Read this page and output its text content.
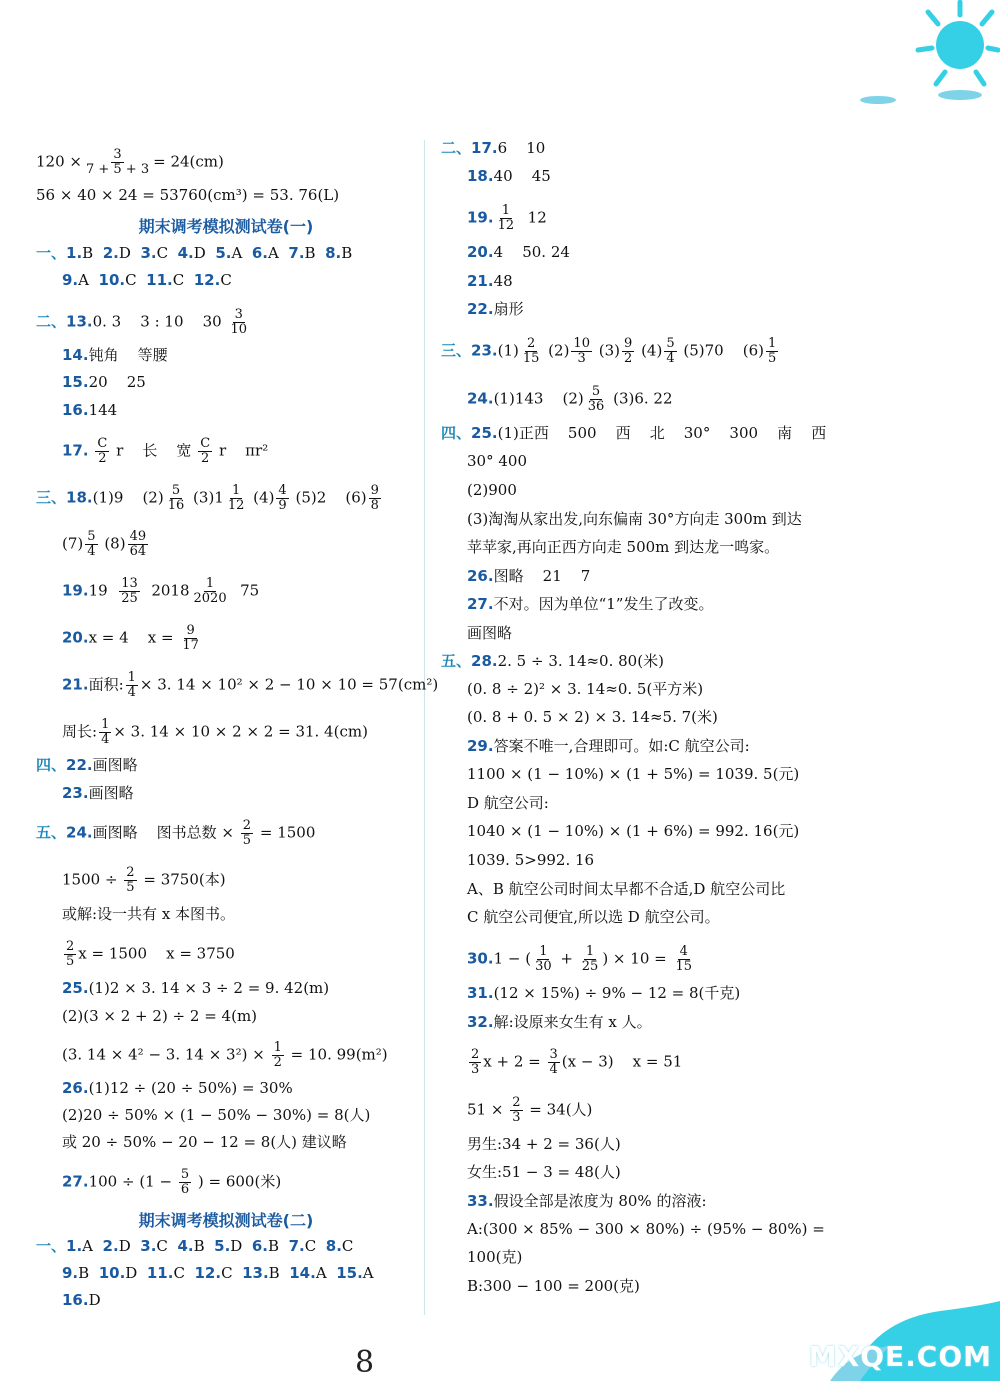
$120 \times \frac{3}{7 + 5 + 3} = 24(cm)$
56 × 40 × 24 = 53760(cm³) = 53. 76(L)
期末调考模拟测试卷(一)
一、1.B 2.D 3.C 4.D 5.A 6.A 7.B 8.B
9.A 10.C 11.C 12.C
二、13.0. 3    3 : 10    $30 \frac{3}{10}$
14.钝角    等腰
15.20    25
16.144
17. $\frac{C}{2}$ r    长    宽 $\frac{C}{2}$ r    πr²
三、18.(1)9    $(2) \frac{5}{16} (3)1 \frac{1}{12} (4) \frac{4}{9} (5)2$    $(6) \frac{9}{8}$
$(7) \frac{5}{4} (8) \frac{49}{64}$
$19.19 \frac{13}{25} 2018 \frac{1}{2020} 75$
20.x = 4    $x = \frac{9}{17}$
21.面积: $\frac{1}{4} \times 3$. 14 × 10² × 2 − 10 × 10 = 57(cm²)
周长: $\frac{1}{4} \times 3$. 14 × 10 × 2 × 2 = 31. 4(cm)
四、22.画图略
23.画图略
五、24.画图略    图书总数 × $\frac{2}{5} = 1500$
$1500 \div \frac{2}{5} = 3750$(本)
或解:设一共有 x 本图书。
$\frac{2}{5}$ x = 1500    x = 3750
25.(1)2 × 3. 14 × 3 ÷ 2 = 9. 42(m)
(2)(3 × 2 + 2) ÷ 2 = 4(m)
(3. 14 × 4² − 3. $14 \times 3^2) \times \frac{1}{2} = 10$. 99(m²)
26.(1)12 ÷ (20 ÷ 50%) = 30%
(2)20 ÷ 50% × (1 − 50% − 30%) = 8(人)
或 20 ÷ 50% − 20 − 12 = 8(人) 建议略
$27.100 \div (1 - \frac{5}{6}$ ) = 600(米)
期末调考模拟测试卷(二)
一、1.A 2.D 3.C 4.B 5.D 6.B 7.C 8.C
9.B 10.D 11.C 12.C 13.B 14.A 15.A
16.D
二、17.6    10
18.40    45
19. $\frac{1}{12} 12$
20.4    50. 24
21.48
22.扇形
三、$23.(1) \frac{2}{15} (2) \frac{10}{3} (3) \frac{9}{2} (4) \frac{5}{4} (5)70$    $(6) \frac{1}{5}$
24.(1)143    $(2) \frac{5}{36} (3)6$. 22
四、25.(1)正西    500    西    北    30°    300    南    西
30° 400
(2)900
(3)淘淘从家出发,向东偏南 30°方向走 300m 到达
苹苹家,再向正西方向走 500m 到达龙一鸣家。
26.图略    21    7
27.不对。因为单位“1”发生了改变。
画图略
五、28.2. 5 ÷ 3. 14≈0. 80(米)
(0. 8 ÷ 2)² × 3. 14≈0. 5(平方米)
(0. 8 + 0. 5 × 2) × 3. 14≈5. 7(米)
29.答案不唯一,合理即可。如:C 航空公司:
1100 × (1 − 10%) × (1 + 5%) = 1039. 5(元)
D 航空公司:
1040 × (1 − 10%) × (1 + 6%) = 992. 16(元)
1039. 5>992. 16
A、B 航空公司时间太早都不合适,D 航空公司比
C 航空公司便宜,所以选 D 航空公司。
30.1 − ( $\frac{1}{30} + \frac{1}{25}$ ) × $10 = \frac{4}{15}$
31.(12 × 15%) ÷ 9% − 12 = 8(千克)
32.解:设原来女生有 x 人。
$\frac{2}{3}$ $x + 2 = \frac{3}{4} (x - 3)$    x = 51
$51 \times \frac{2}{3} = 34$(人)
男生:34 + 2 = 36(人)
女生:51 − 3 = 48(人)
33.假设全部是浓度为 80% 的溶液:
A:(300 × 85% − 300 × 80%) ÷ (95% − 80%) =
100(克)
B:300 − 100 = 200(克)
8	MXQE.COM
